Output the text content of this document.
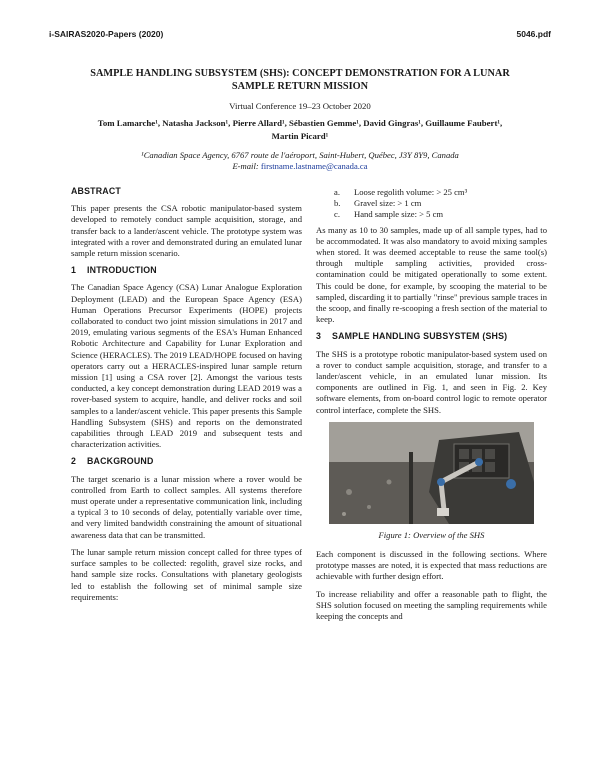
i-SAIRAS2020-Papers (2020)	5046.pdf
SAMPLE HANDLING SUBSYSTEM (SHS): CONCEPT DEMONSTRATION FOR A LUNAR
SAMPLE RETURN MISSION
Virtual Conference 19–23 October 2020
Tom Lamarche¹, Natasha Jackson¹, Pierre Allard¹, Sébastien Gemme¹, David Gingras¹, Guillaume Faubert¹,
Martin Picard¹
¹Canadian Space Agency, 6767 route de l'aéroport, Saint-Hubert, Québec, J3Y 8Y9, Canada
E-mail: firstname.lastname@canada.ca
ABSTRACT

This paper presents the CSA robotic manipulator-based system developed to remotely conduct sample acquisition, storage, and transfer back to a lander/ascent vehicle. The prototype system was integrated with a rover and demonstrated during an emulated lunar sample return mission scenario.

1 INTRODUCTION

The Canadian Space Agency (CSA) Lunar Analogue Exploration Deployment (LEAD) and the European Space Agency (ESA) Human Operations Precursor Experiments (HOPE) projects collaborated to conduct two joint mission simulations in 2017 and 2019, emulating various segments of the ESA's Human Enhanced Robotic Architecture and Capability for Lunar Exploration and Science (HERACLES). The 2019 LEAD/HOPE focused on having operators carry out a HERACLES-inspired lunar sample return mission [1] using a CSA rover [2]. Amongst the various tests conducted, a key concept demonstration during LEAD 2019 was a rover-based system to acquire, handle, and deliver rocks and soil samples to a lander/ascent vehicle. This paper presents this Sample Handling Subsystem (SHS) and reports on the demonstrated capabilities through LEAD 2019 and subsequent tests and characterization activities.

2 BACKGROUND

The target scenario is a lunar mission where a rover would be controlled from Earth to collect samples. All systems therefore must operate under a representative communication link, including a typical 3 to 10 seconds of delay, potentially variable over time, and very limited bandwidth constraining the amount of situational awareness data that can be transmitted.

The lunar sample return mission concept called for three types of surface samples to be collected: regolith, gravel size rocks, and hand sample size rocks. Consultations with planetary geologists led to establish the following set of minimal sample size requirements:

a. Loose regolith volume: > 25 cm³
b. Gravel size: > 1 cm
c. Hand sample size: > 5 cm

As many as 10 to 30 samples, made up of all sample types, had to be accommodated. It was also mandatory to avoid mixing samples when stored. It was deemed acceptable to reuse the same tool(s) through multiple sampling activities, provided cross-contamination could be mitigated operationally to some extent. This could be done, for example, by scooping the material to be sampled, discarding it to partially "rinse" previous sample traces in the scoop, and finally re-scooping a fresh section of the material to keep.

3 SAMPLE HANDLING SUBSYSTEM (SHS)

The SHS is a prototype robotic manipulator-based system used on a rover to conduct sample acquisition, storage, and transfer to a lander/ascent vehicle, in an emulated lunar mission. Its components are outlined in Fig. 1, and seen in Fig. 2. Key software elements, from on-board control logic to remote operator control interface, complete the SHS.

Figure 1: Overview of the SHS

Each component is discussed in the following sections. Where prototype masses are noted, it is expected that mass reductions are achievable with further design effort.

To increase reliability and offer a reasonable path to flight, the SHS solution focused on meeting the sampling requirements while keeping the concepts and
